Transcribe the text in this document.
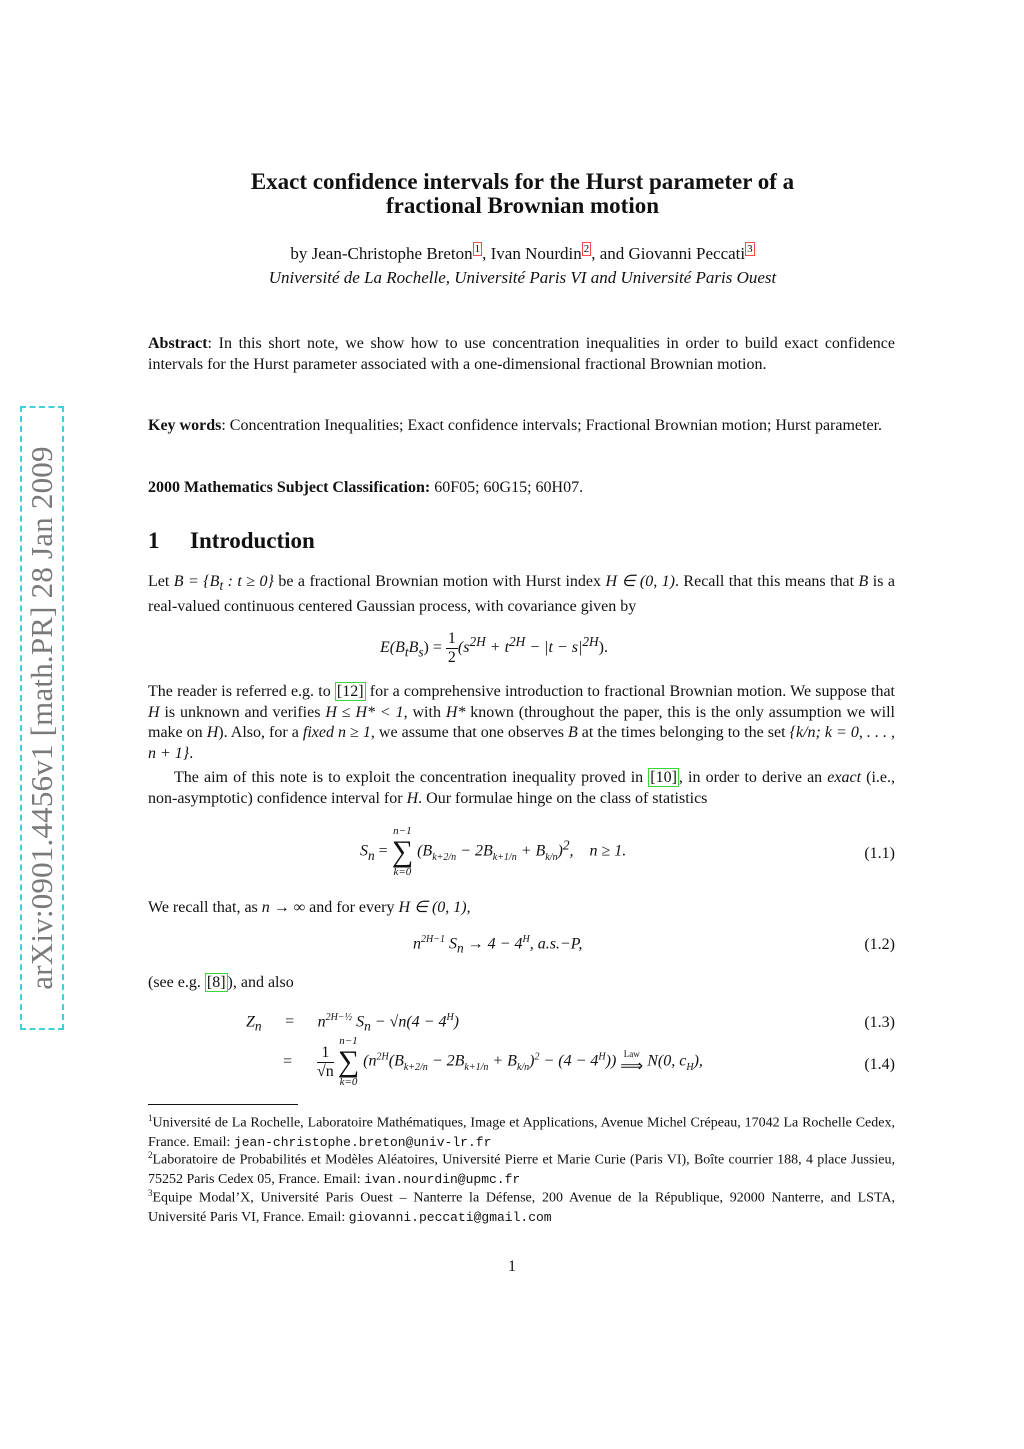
arXiv:0901.4456v1 [math.PR] 28 Jan 2009
Exact confidence intervals for the Hurst parameter of a
fractional Brownian motion
by Jean-Christophe Breton $^1$ , Ivan Nourdin $^2$ , and Giovanni Peccati $^3$
Université de La Rochelle, Université Paris VI and Université Paris Ouest
Abstract: In this short note, we show how to use concentration inequalities in order to build exact confidence intervals for the Hurst parameter associated with a one-dimensional fractional Brownian motion.
Key words: Concentration Inequalities; Exact confidence intervals; Fractional Brownian motion; Hurst parameter.
2000 Mathematics Subject Classification: 60F05; 60G15; 60H07.
1 Introduction
Let $B = \{B_t$ : t ≥ 0} be a fractional Brownian motion with Hurst index H ∈ (0, 1). Recall that this means that B is a real-valued continuous centered Gaussian process, with covariance given by
$E(B_tB_s) = \frac{1}{2} (s^{2H} + t^{2H} - |t - s|^{2H})$.
The reader is referred e.g. to [12] for a comprehensive introduction to fractional Brownian motion. We suppose that H is unknown and verifies H ≤ H* < 1, with H* known (throughout the paper, this is the only assumption we will make on H). Also, for a fixed n ≥ 1, we assume that one observes B at the times belonging to the set {k/n; k = 0, . . . , n + 1}.
The aim of this note is to exploit the concentration inequality proved in [10] , in order to derive an exact (i.e., non-asymptotic) confidence interval for H. Our formulae hinge on the class of statistics
$S_n$ =
n−1
∑
k=0
$(B_{k+2/n} - 2B_{k+1/n} + B_{k/n})^2$,    n ≥ 1.	(1.1)
We recall that, as n → ∞ and for every H ∈ (0, 1),
$n^{2H-1}$ $S_n \to 4 - 4^H$, a.s.−P,	(1.2)
(see e.g. [8] ), and also
$Z_n = n^{2H-\frac{1}{2}}$ $S_n - √n(4 - 4^H)$	(1.3)
= $\frac{1}{√n}$

n−1
∑
k=0
$(n^{2H}(B_{k+2/n} - 2B_{k+1/n} + B_{k/n})^2 - (4 - 4^H))$ Law
⟹ N(0, $c_H$),	(1.4)
$^1$Université de La Rochelle, Laboratoire Mathématiques, Image et Applications, Avenue Michel Crépeau, 17042 La Rochelle Cedex, France. Email: jean-christophe.breton@univ-lr.fr
$^2$Laboratoire de Probabilités et Modèles Aléatoires, Université Pierre et Marie Curie (Paris VI), Boîte courrier 188, 4 place Jussieu, 75252 Paris Cedex 05, France. Email: ivan.nourdin@upmc.fr
$^3$Equipe Modal’X, Université Paris Ouest – Nanterre la Défense, 200 Avenue de la République, 92000 Nanterre, and LSTA, Université Paris VI, France. Email: giovanni.peccati@gmail.com
1
